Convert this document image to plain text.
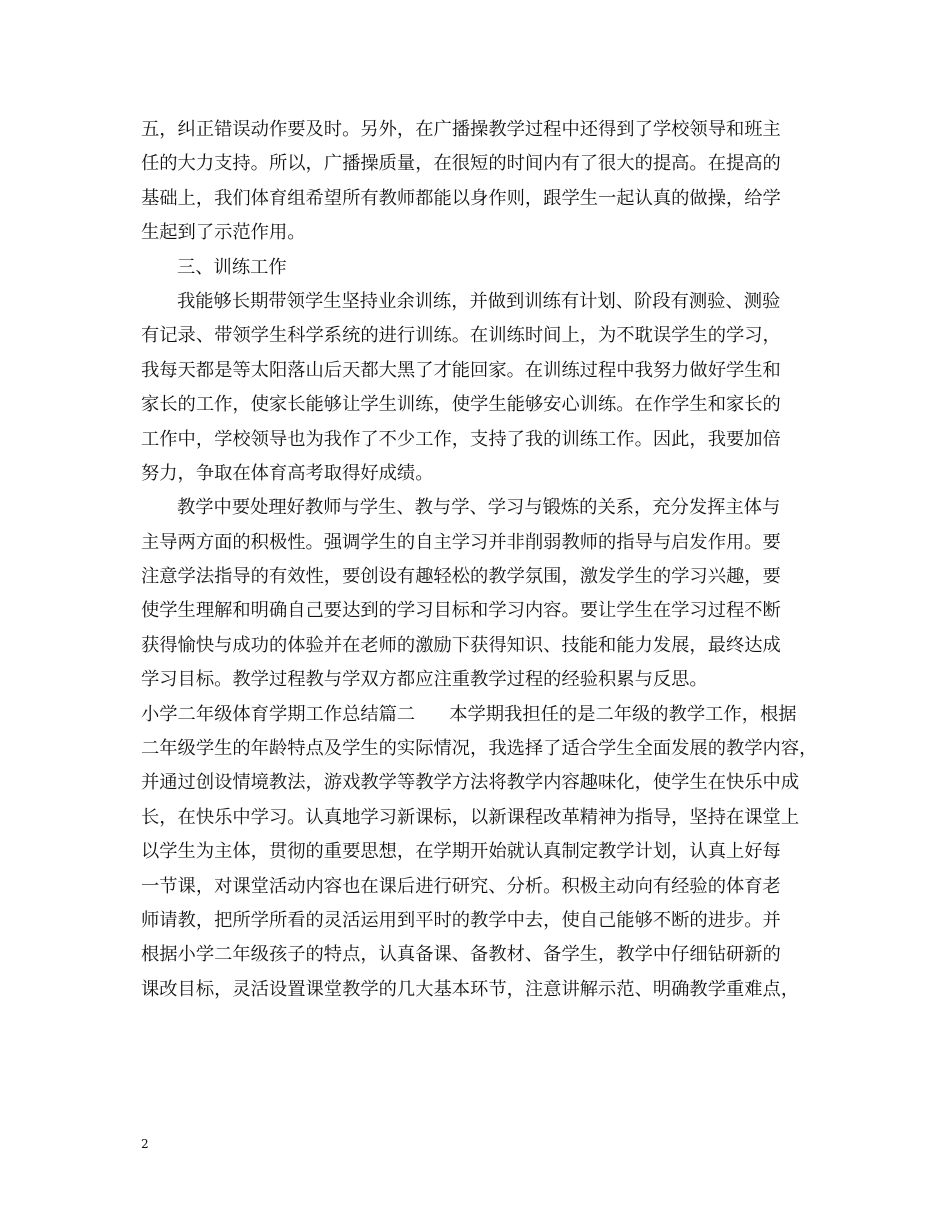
五，纠正错误动作要及时。另外，在广播操教学过程中还得到了学校领导和班主
任的大力支持。所以，广播操质量，在很短的时间内有了很大的提高。在提高的
基础上，我们体育组希望所有教师都能以身作则，跟学生一起认真的做操，给学
生起到了示范作用。
三、训练工作
我能够长期带领学生坚持业余训练，并做到训练有计划、阶段有测验、测验
有记录、带领学生科学系统的进行训练。在训练时间上，为不耽误学生的学习，
我每天都是等太阳落山后天都大黑了才能回家。在训练过程中我努力做好学生和
家长的工作，使家长能够让学生训练，使学生能够安心训练。在作学生和家长的
工作中，学校领导也为我作了不少工作，支持了我的训练工作。因此，我要加倍
努力，争取在体育高考取得好成绩。
教学中要处理好教师与学生、教与学、学习与锻炼的关系，充分发挥主体与
主导两方面的积极性。强调学生的自主学习并非削弱教师的指导与启发作用。要
注意学法指导的有效性，要创设有趣轻松的教学氛围，激发学生的学习兴趣，要
使学生理解和明确自己要达到的学习目标和学习内容。要让学生在学习过程不断
获得愉快与成功的体验并在老师的激励下获得知识、技能和能力发展，最终达成
学习目标。教学过程教与学双方都应注重教学过程的经验积累与反思。
小学二年级体育学期工作总结篇二 本学期我担任的是二年级的教学工作，根据
二年级学生的年龄特点及学生的实际情况，我选择了适合学生全面发展的教学内容，
并通过创设情境教法，游戏教学等教学方法将教学内容趣味化，使学生在快乐中成
长，在快乐中学习。认真地学习新课标，以新课程改革精神为指导，坚持在课堂上
以学生为主体，贯彻的重要思想，在学期开始就认真制定教学计划，认真上好每
一节课，对课堂活动内容也在课后进行研究、分析。积极主动向有经验的体育老
师请教，把所学所看的灵活运用到平时的教学中去，使自己能够不断的进步。并
根据小学二年级孩子的特点，认真备课、备教材、备学生，教学中仔细钻研新的
课改目标，灵活设置课堂教学的几大基本环节，注意讲解示范、明确教学重难点，
2
